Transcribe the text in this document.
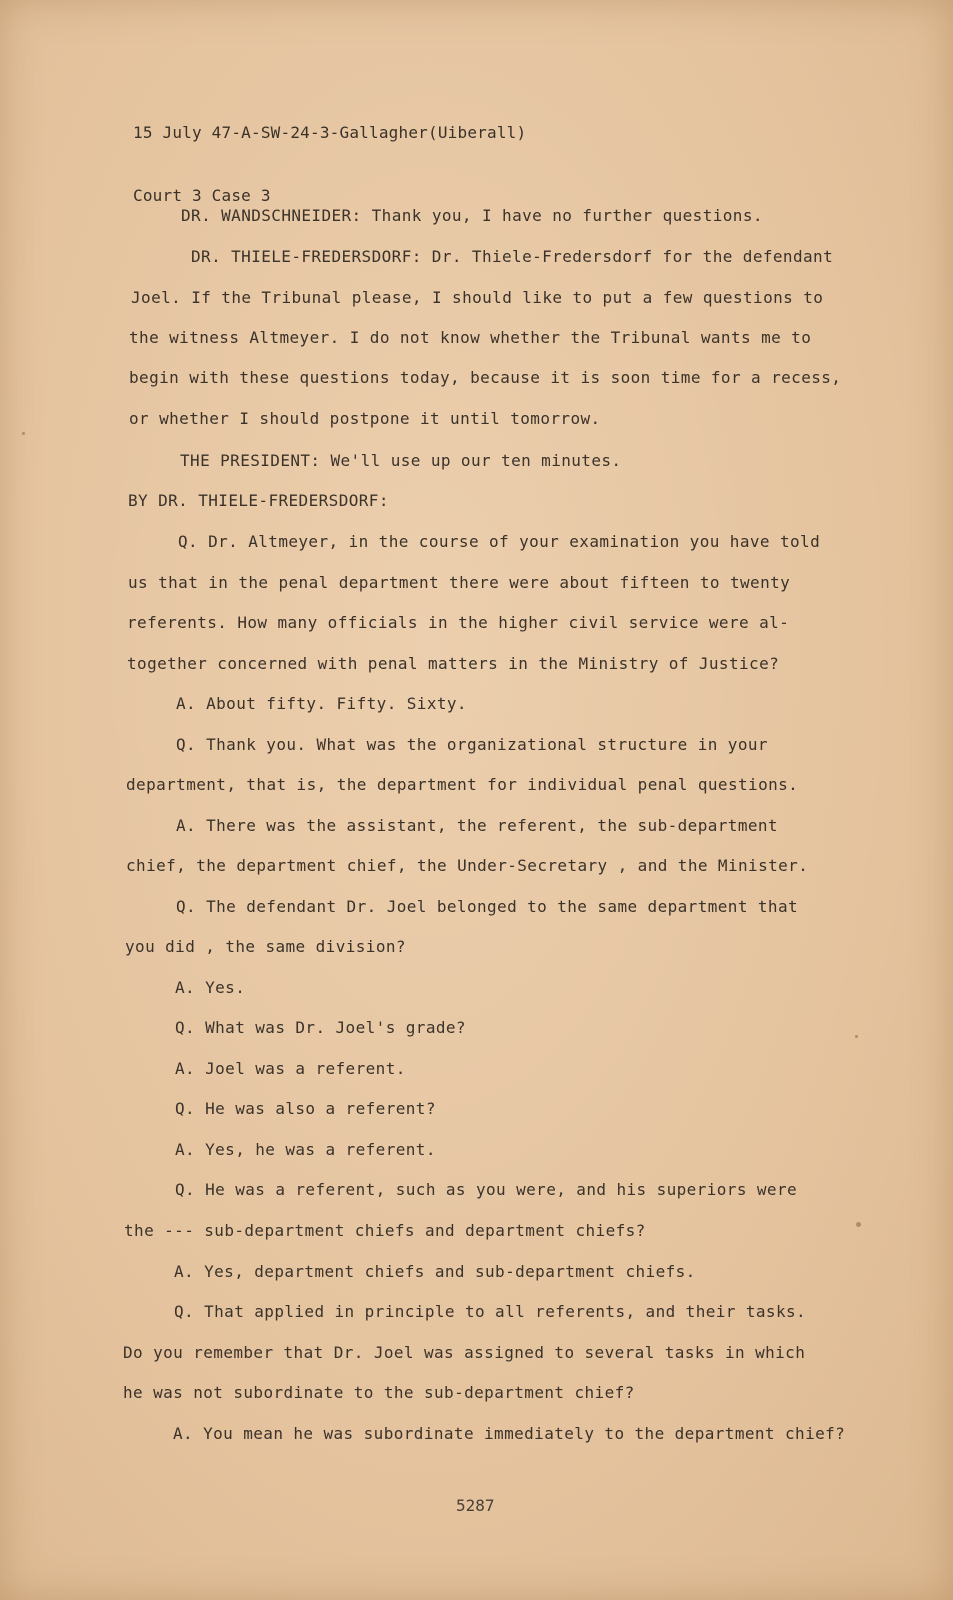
15 July 47-A-SW-24-3-Gallagher(Uiberall)

Court 3 Case 3

DR. WANDSCHNEIDER: Thank you, I have no further questions.
DR. THIELE-FREDERSDORF: Dr. Thiele-Fredersdorf for the defendant
Joel. If the Tribunal please, I should like to put a few questions to
the witness Altmeyer. I do not know whether the Tribunal wants me to
begin with these questions today, because it is soon time for a recess,
or whether I should postpone it until tomorrow.
THE PRESIDENT: We'll use up our ten minutes.
BY DR. THIELE-FREDERSDORF:
Q. Dr. Altmeyer, in the course of your examination you have told
us that in the penal department there were about fifteen to twenty
referents. How many officials in the higher civil service were al-
together concerned with penal matters in the Ministry of Justice?
A. About fifty. Fifty. Sixty.
Q. Thank you. What was the organizational structure in your
department, that is, the department for individual penal questions.
A. There was the assistant, the referent, the sub-department
chief, the department chief, the Under-Secretary , and the Minister.
Q. The defendant Dr. Joel belonged to the same department that
you did , the same division?
A. Yes.
Q. What was Dr. Joel's grade?
A. Joel was a referent.
Q. He was also a referent?
A. Yes, he was a referent.
Q. He was a referent, such as you were, and his superiors were
the --- sub-department chiefs and department chiefs?
A. Yes, department chiefs and sub-department chiefs.
Q. That applied in principle to all referents, and their tasks.
Do you remember that Dr. Joel was assigned to several tasks in which
he was not subordinate to the sub-department chief?
A. You mean he was subordinate immediately to the department chief?
5287
